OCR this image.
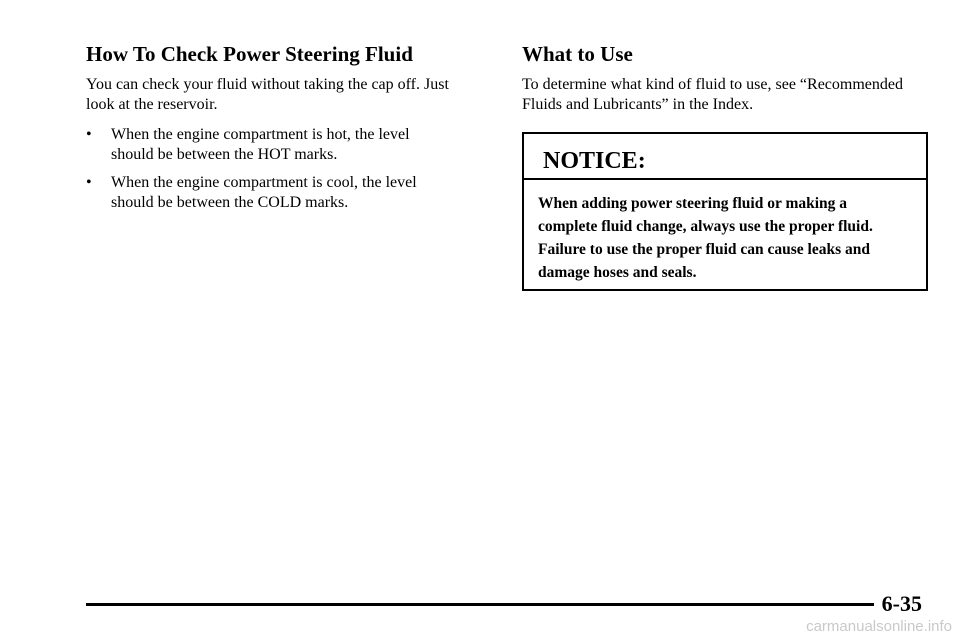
How To Check Power Steering Fluid

You can check your fluid without taking the cap off. Just look at the reservoir.

• When the engine compartment is hot, the level should be between the HOT marks.
• When the engine compartment is cool, the level should be between the COLD marks.
What to Use

To determine what kind of fluid to use, see “Recommended Fluids and Lubricants” in the Index.

NOTICE:

When adding power steering fluid or making a complete fluid change, always use the proper fluid. Failure to use the proper fluid can cause leaks and damage hoses and seals.

6-35
carmanualsonline.info
